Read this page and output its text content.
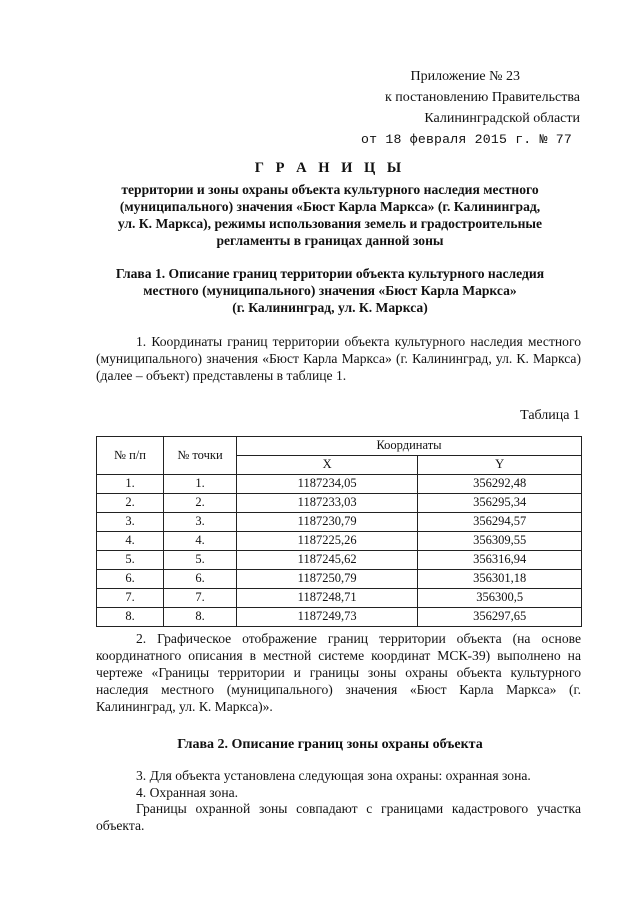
Приложение № 23
к постановлению Правительства
Калининградской области
от 18 февраля 2015 г. № 77
Г Р А Н И Ц Ы
территории и зоны охраны объекта культурного наследия местного
(муниципального) значения «Бюст Карла Маркса» (г. Калининград,
ул. К. Маркса), режимы использования земель и градостроительные
регламенты в границах данной зоны
Глава 1. Описание границ территории объекта культурного наследия
местного (муниципального) значения «Бюст Карла Маркса»
(г. Калининград, ул. К. Маркса)
1. Координаты границ территории объекта культурного наследия местного (муниципального) значения «Бюст Карла Маркса» (г. Калининград, ул. К. Маркса) (далее – объект) представлены в таблице 1.
Таблица 1
№ п/п	№ точки	Координаты	
		X	Y
1.	1.	1187234,05	356292,48
2.	2.	1187233,03	356295,34
3.	3.	1187230,79	356294,57
4.	4.	1187225,26	356309,55
5.	5.	1187245,62	356316,94
6.	6.	1187250,79	356301,18
7.	7.	1187248,71	356300,5
8.	8.	1187249,73	356297,65
2. Графическое отображение границ территории объекта (на основе координатного описания в местной системе координат МСК-39) выполнено на чертеже «Границы территории и границы зоны охраны объекта культурного наследия местного (муниципального) значения «Бюст Карла Маркса» (г. Калининград, ул. К. Маркса)».
Глава 2. Описание границ зоны охраны объекта
3. Для объекта установлена следующая зона охраны: охранная зона.
4. Охранная зона.
Границы охранной зоны совпадают с границами кадастрового участка объекта.
